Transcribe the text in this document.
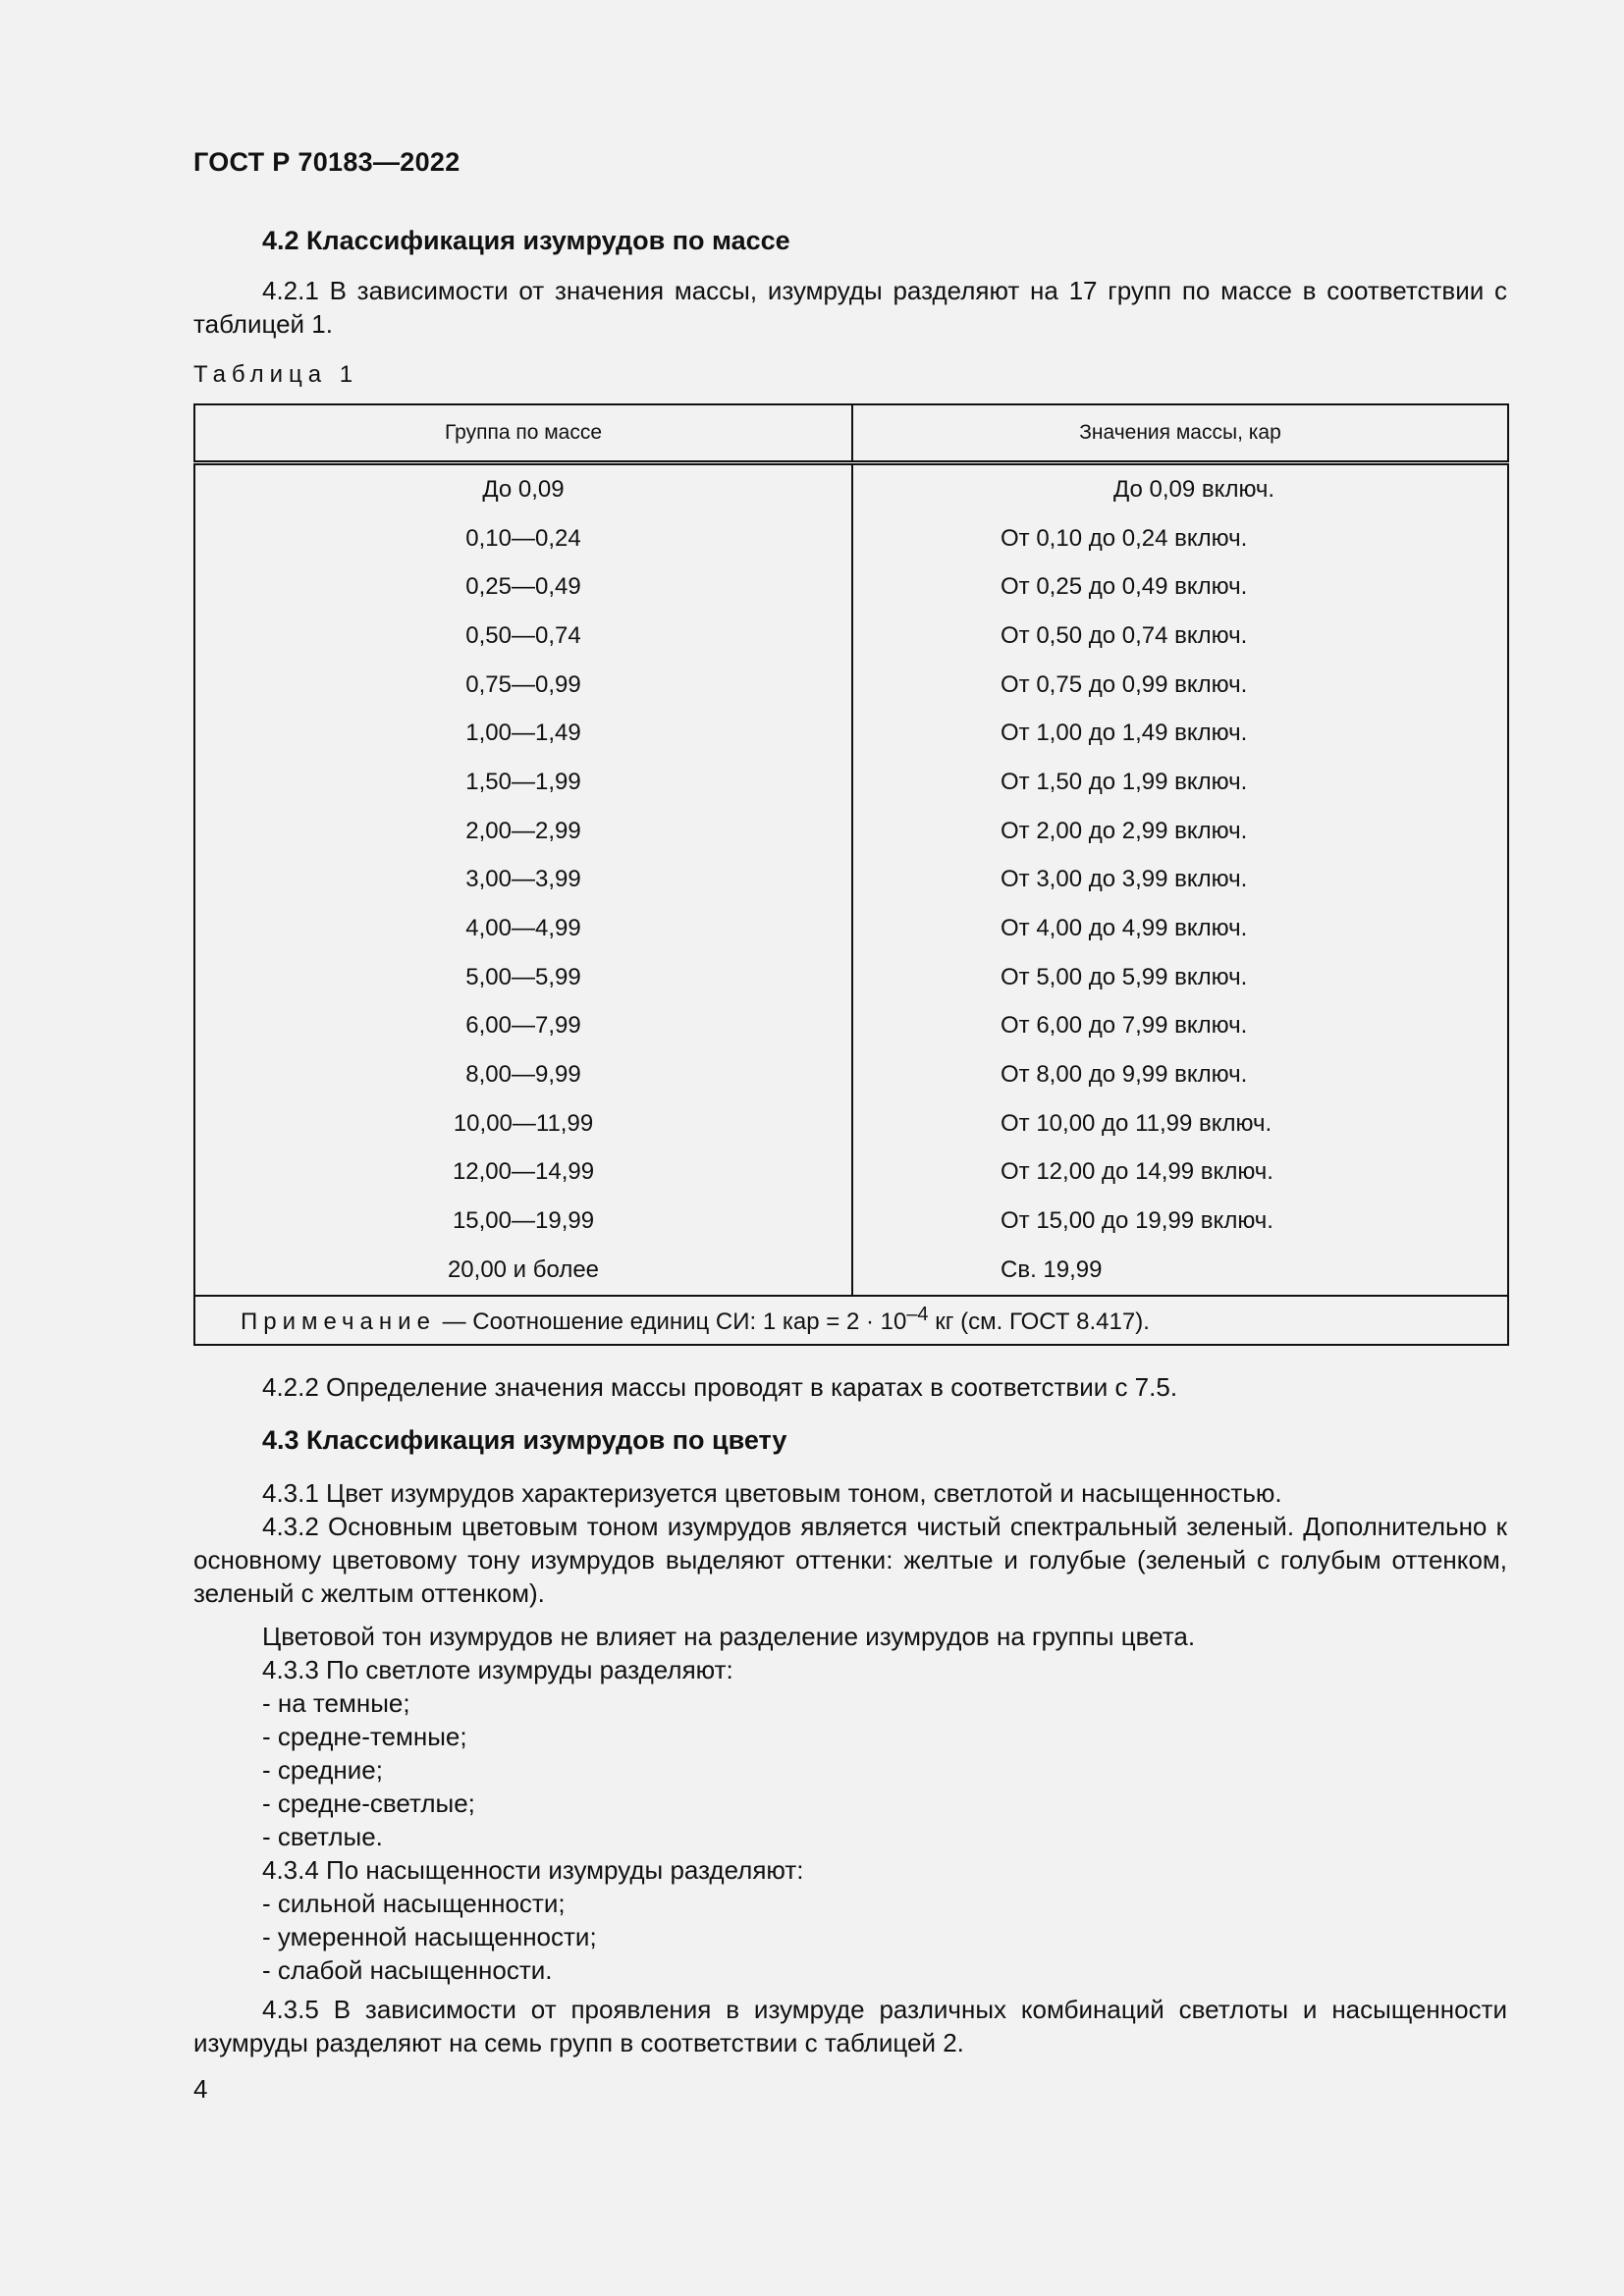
ГОСТ Р 70183—2022
4.2 Классификация изумрудов по массе
4.2.1 В зависимости от значения массы, изумруды разделяют на 17 групп по массе в соответствии с таблицей 1.
Таблица 1
Группа по массе	Значения массы, кар
До 0,09	До 0,09 включ.
0,10—0,24	От 0,10 до 0,24 включ.
0,25—0,49	От 0,25 до 0,49 включ.
0,50—0,74	От 0,50 до 0,74 включ.
0,75—0,99	От 0,75 до 0,99 включ.
1,00—1,49	От 1,00 до 1,49 включ.
1,50—1,99	От 1,50 до 1,99 включ.
2,00—2,99	От 2,00 до 2,99 включ.
3,00—3,99	От 3,00 до 3,99 включ.
4,00—4,99	От 4,00 до 4,99 включ.
5,00—5,99	От 5,00 до 5,99 включ.
6,00—7,99	От 6,00 до 7,99 включ.
8,00—9,99	От 8,00 до 9,99 включ.
10,00—11,99	От 10,00 до 11,99 включ.
12,00—14,99	От 12,00 до 14,99 включ.
15,00—19,99	От 15,00 до 19,99 включ.
20,00 и более	Св. 19,99
Примечание — Соотношение единиц СИ: 1 кар = $2 \cdot 10^{-4}$ кг (см. ГОСТ 8.417).	
4.2.2 Определение значения массы проводят в каратах в соответствии с 7.5.
4.3 Классификация изумрудов по цвету
4.3.1 Цвет изумрудов характеризуется цветовым тоном, светлотой и насыщенностью.
4.3.2 Основным цветовым тоном изумрудов является чистый спектральный зеленый. Дополнительно к основному цветовому тону изумрудов выделяют оттенки: желтые и голубые (зеленый с голубым оттенком, зеленый с желтым оттенком).
Цветовой тон изумрудов не влияет на разделение изумрудов на группы цвета.
4.3.3 По светлоте изумруды разделяют:
- на темные;
- средне-темные;
- средние;
- средне-светлые;
- светлые.
4.3.4 По насыщенности изумруды разделяют:
- сильной насыщенности;
- умеренной насыщенности;
- слабой насыщенности.
4.3.5 В зависимости от проявления в изумруде различных комбинаций светлоты и насыщенности изумруды разделяют на семь групп в соответствии с таблицей 2.
4
